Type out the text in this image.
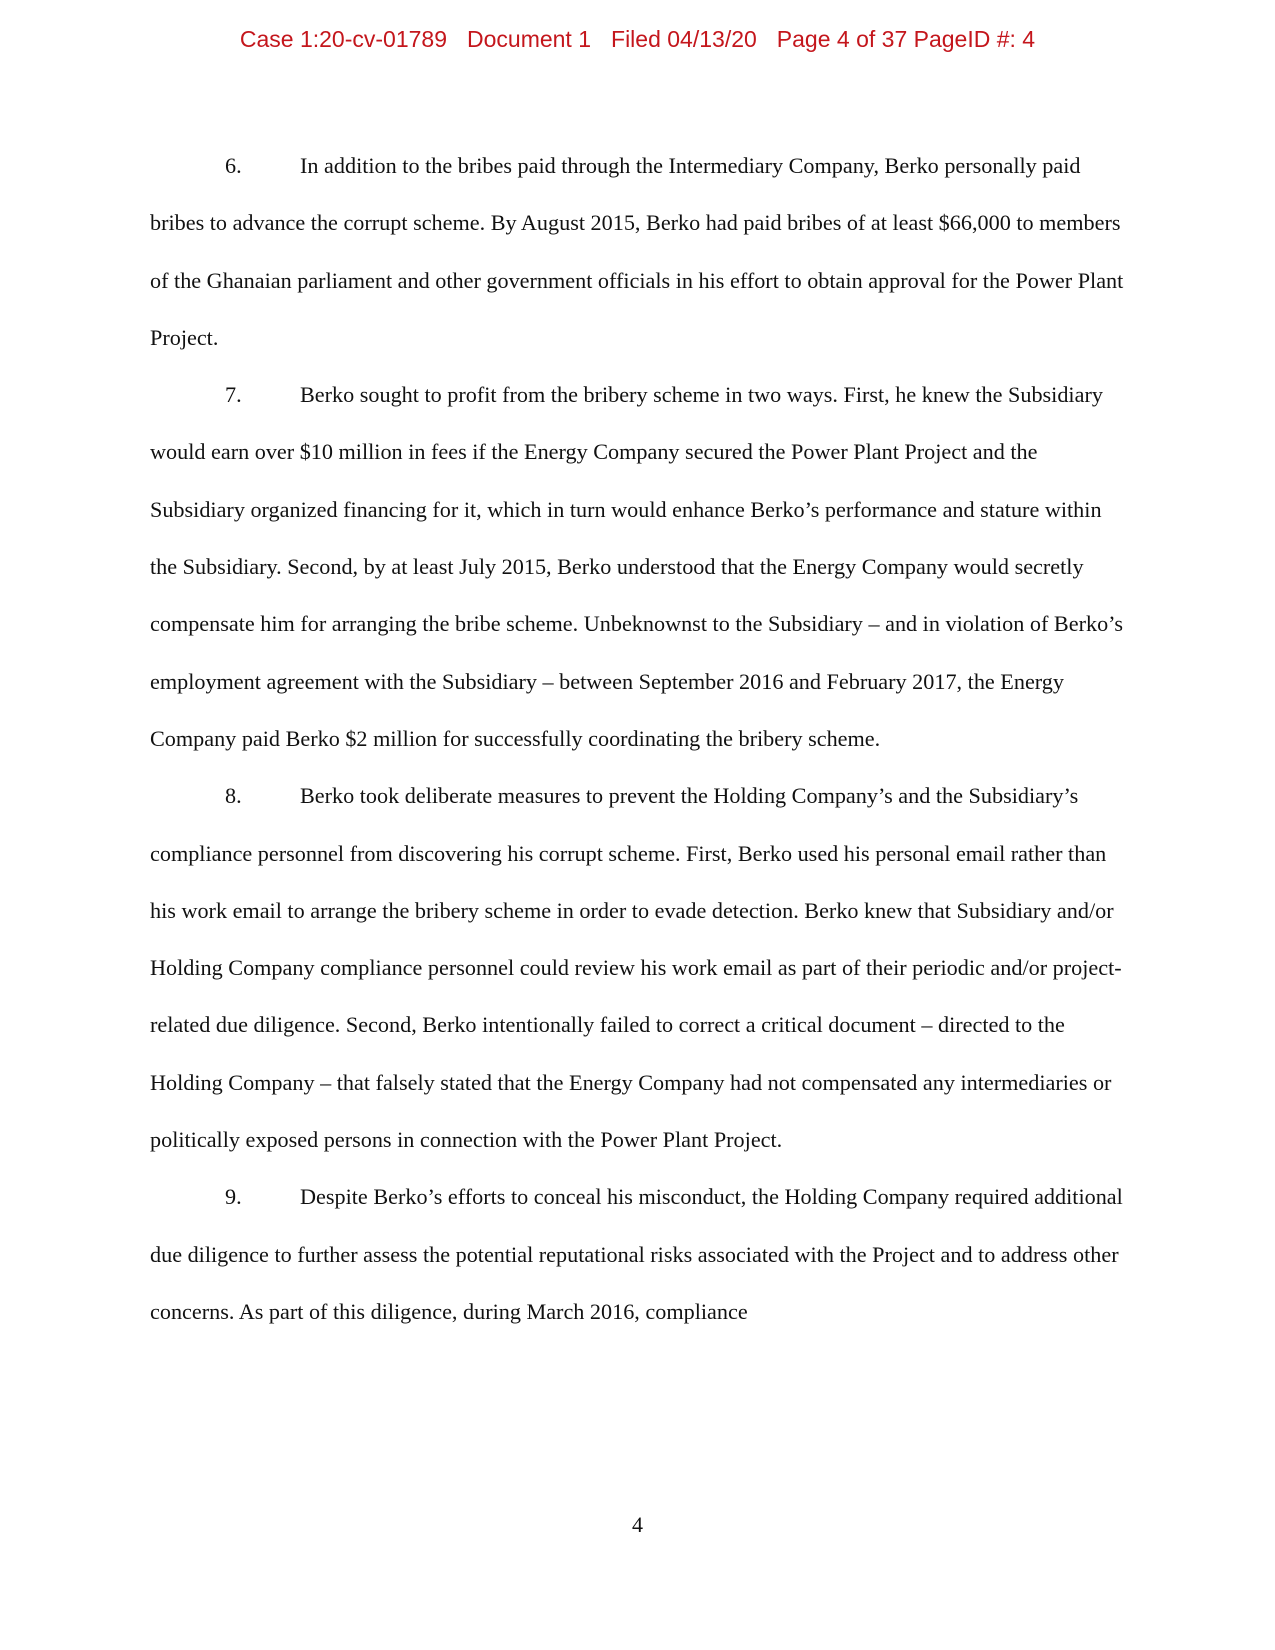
Case 1:20-cv-01789 Document 1 Filed 04/13/20 Page 4 of 37 PageID #: 4

6.	In addition to the bribes paid through the Intermediary Company, Berko personally paid bribes to advance the corrupt scheme. By August 2015, Berko had paid bribes of at least $66,000 to members of the Ghanaian parliament and other government officials in his effort to obtain approval for the Power Plant Project.

7.	Berko sought to profit from the bribery scheme in two ways. First, he knew the Subsidiary would earn over $10 million in fees if the Energy Company secured the Power Plant Project and the Subsidiary organized financing for it, which in turn would enhance Berko’s performance and stature within the Subsidiary. Second, by at least July 2015, Berko understood that the Energy Company would secretly compensate him for arranging the bribe scheme. Unbeknownst to the Subsidiary – and in violation of Berko’s employment agreement with the Subsidiary – between September 2016 and February 2017, the Energy Company paid Berko $2 million for successfully coordinating the bribery scheme.

8.	Berko took deliberate measures to prevent the Holding Company’s and the Subsidiary’s compliance personnel from discovering his corrupt scheme. First, Berko used his personal email rather than his work email to arrange the bribery scheme in order to evade detection. Berko knew that Subsidiary and/or Holding Company compliance personnel could review his work email as part of their periodic and/or project-related due diligence. Second, Berko intentionally failed to correct a critical document – directed to the Holding Company – that falsely stated that the Energy Company had not compensated any intermediaries or politically exposed persons in connection with the Power Plant Project.

9.	Despite Berko’s efforts to conceal his misconduct, the Holding Company required additional due diligence to further assess the potential reputational risks associated with the Project and to address other concerns. As part of this diligence, during March 2016, compliance

4
